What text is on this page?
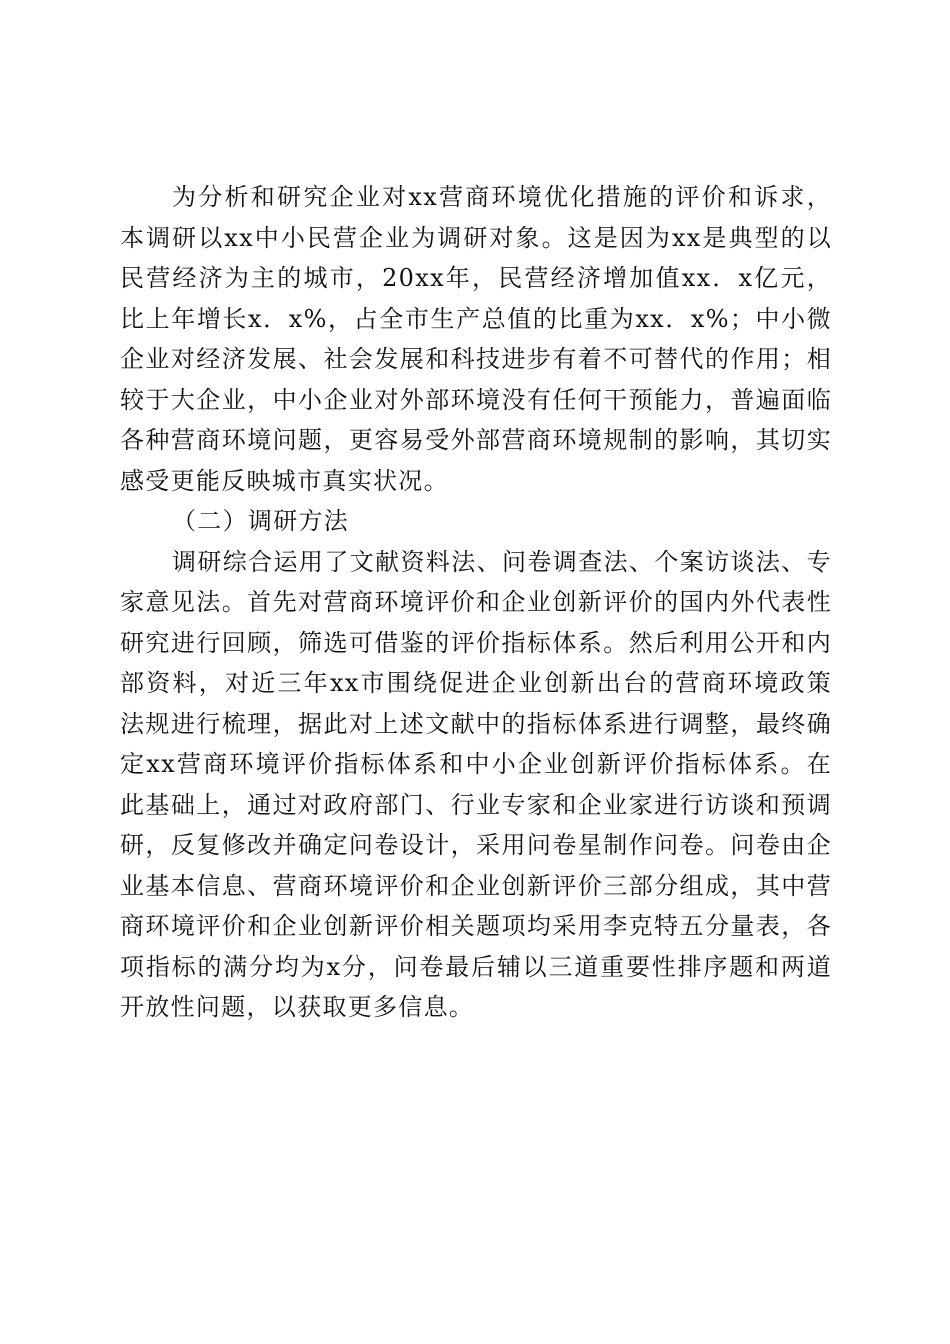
为分析和研究企业对xx营商环境优化措施的评价和诉求，本调研以xx中小民营企业为调研对象。这是因为xx是典型的以民营经济为主的城市，20xx年，民营经济增加值xx．x亿元，比上年增长x．x%，占全市生产总值的比重为xx．x%；中小微企业对经济发展、社会发展和科技进步有着不可替代的作用；相较于大企业，中小企业对外部环境没有任何干预能力，普遍面临各种营商环境问题，更容易受外部营商环境规制的影响，其切实感受更能反映城市真实状况。

（二）调研方法

调研综合运用了文献资料法、问卷调查法、个案访谈法、专家意见法。首先对营商环境评价和企业创新评价的国内外代表性研究进行回顾，筛选可借鉴的评价指标体系。然后利用公开和内部资料，对近三年xx市围绕促进企业创新出台的营商环境政策法规进行梳理，据此对上述文献中的指标体系进行调整，最终确定xx营商环境评价指标体系和中小企业创新评价指标体系。在此基础上，通过对政府部门、行业专家和企业家进行访谈和预调研，反复修改并确定问卷设计，采用问卷星制作问卷。问卷由企业基本信息、营商环境评价和企业创新评价三部分组成，其中营商环境评价和企业创新评价相关题项均采用李克特五分量表，各项指标的满分均为x分，问卷最后辅以三道重要性排序题和两道开放性问题，以获取更多信息。
